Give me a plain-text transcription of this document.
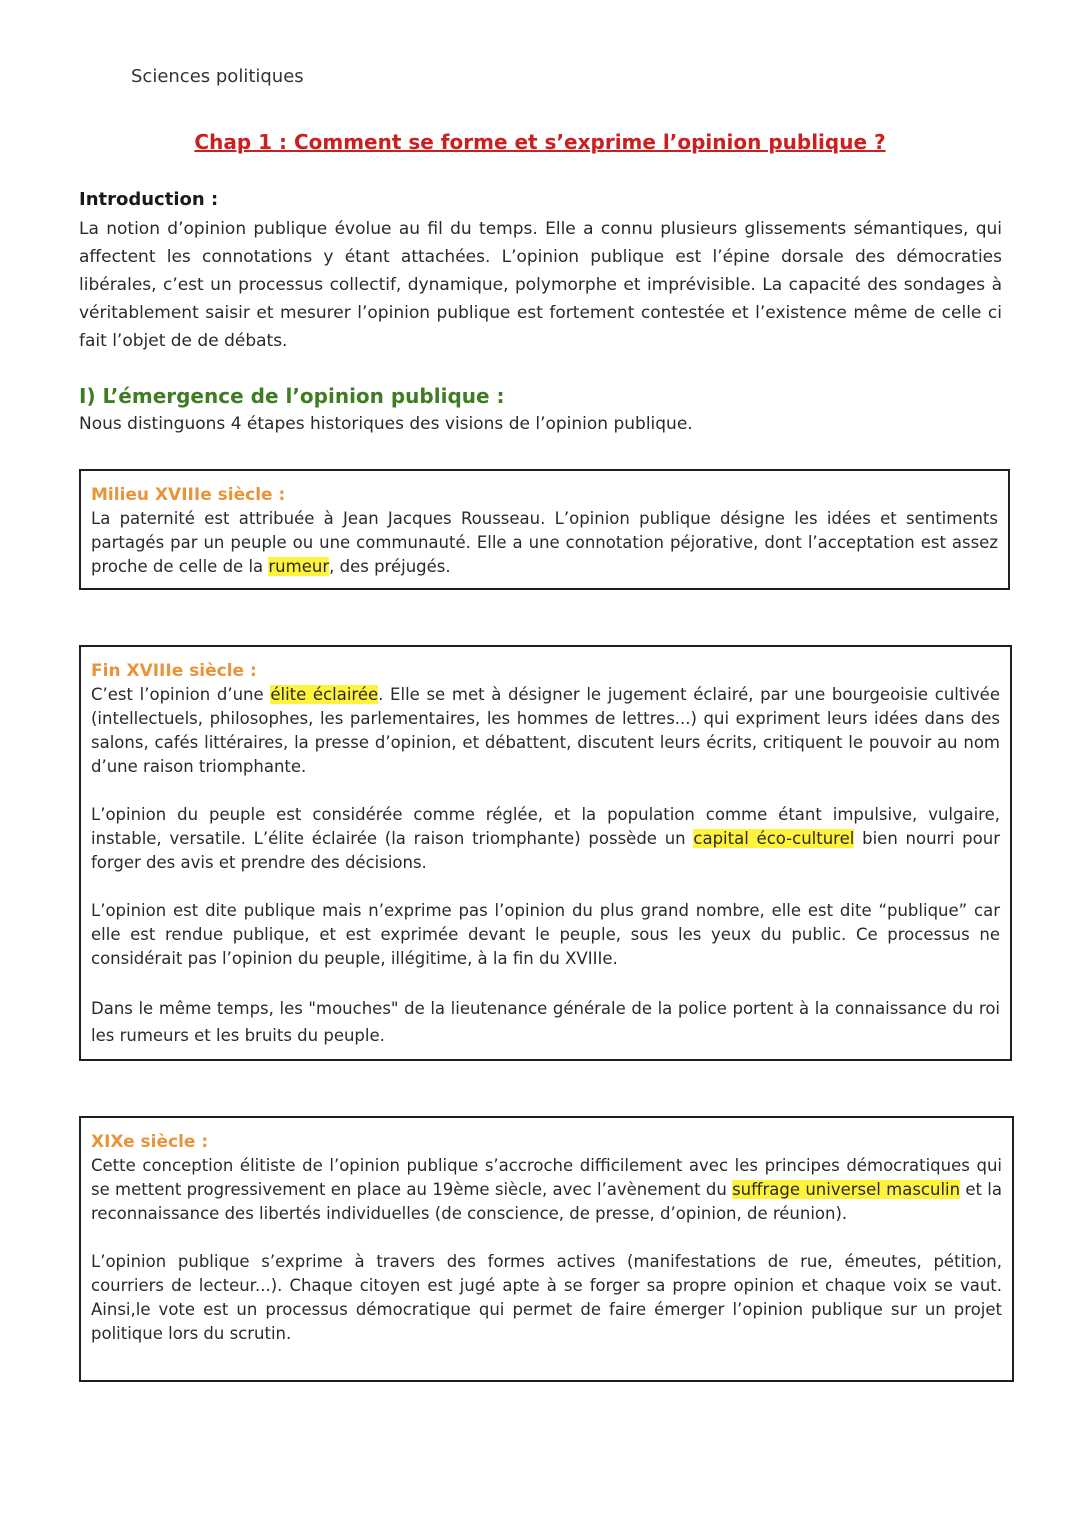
Sciences politiques
Chap 1 : Comment se forme et s’exprime l’opinion publique ?
Introduction :
La notion d’opinion publique évolue au fil du temps. Elle a connu plusieurs glissements sémantiques, qui affectent les connotations y étant attachées. L’opinion publique est l’épine dorsale des démocraties libérales, c’est un processus collectif, dynamique, polymorphe et imprévisible. La capacité des sondages à véritablement saisir et mesurer l’opinion publique est fortement contestée et l’existence même de celle ci fait l’objet de de débats.
I) L’émergence de l’opinion publique :
Nous distinguons 4 étapes historiques des visions de l’opinion publique.
Milieu XVIIIe siècle :

La paternité est attribuée à Jean Jacques Rousseau. L’opinion publique désigne les idées et sentiments partagés par un peuple ou une communauté. Elle a une connotation péjorative, dont l’acceptation est assez proche de celle de la rumeur, des préjugés.

Fin XVIIIe siècle :

C’est l’opinion d’une élite éclairée. Elle se met à désigner le jugement éclairé, par une bourgeoisie cultivée (intellectuels, philosophes, les parlementaires, les hommes de lettres...) qui expriment leurs idées dans des salons, cafés littéraires, la presse d’opinion, et débattent, discutent leurs écrits, critiquent le pouvoir au nom d’une raison triomphante.

L’opinion du peuple est considérée comme réglée, et la population comme étant impulsive, vulgaire, instable, versatile. L’élite éclairée (la raison triomphante) possède un capital éco-culturel bien nourri pour forger des avis et prendre des décisions.

L’opinion est dite publique mais n’exprime pas l’opinion du plus grand nombre, elle est dite “publique” car elle est rendue publique, et est exprimée devant le peuple, sous les yeux du public. Ce processus ne considérait pas l’opinion du peuple, illégitime, à la fin du XVIIIe.

Dans le même temps, les "mouches" de la lieutenance générale de la police portent à la connaissance du roi les rumeurs et les bruits du peuple.

XIXe siècle :

Cette conception élitiste de l’opinion publique s’accroche difficilement avec les principes démocratiques qui se mettent progressivement en place au 19ème siècle, avec l’avènement du suffrage universel masculin et la reconnaissance des libertés individuelles (de conscience, de presse, d’opinion, de réunion).

L’opinion publique s’exprime à travers des formes actives (manifestations de rue, émeutes, pétition, courriers de lecteur...). Chaque citoyen est jugé apte à se forger sa propre opinion et chaque voix se vaut. Ainsi,le vote est un processus démocratique qui permet de faire émerger l’opinion publique sur un projet politique lors du scrutin.
